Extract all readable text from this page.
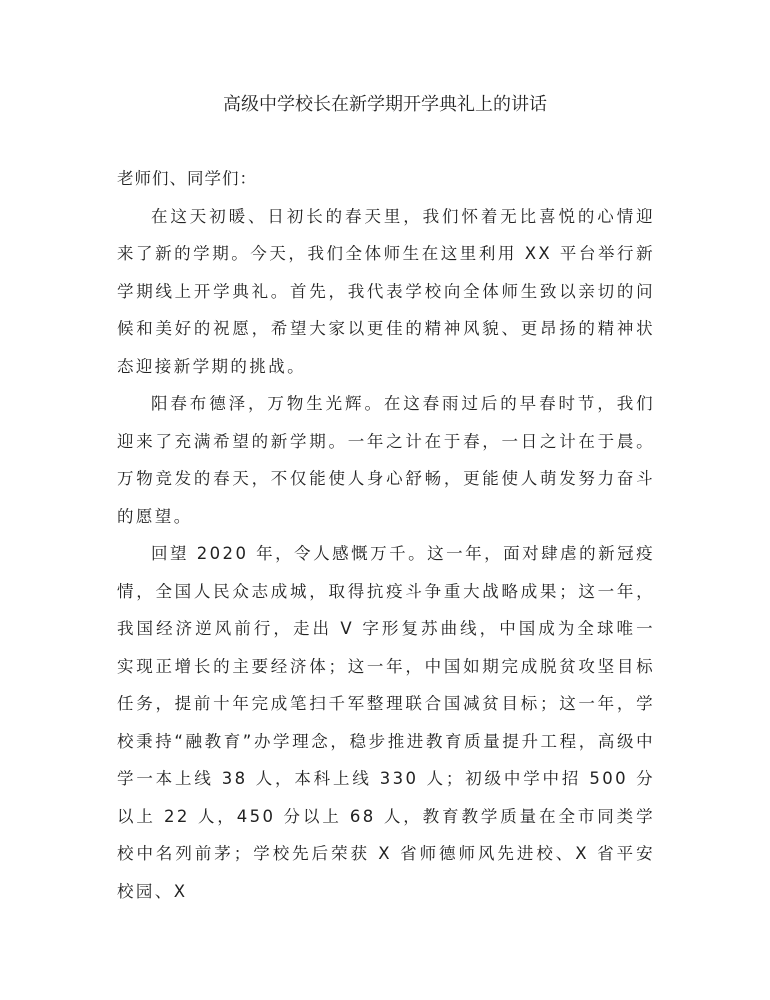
高级中学校长在新学期开学典礼上的讲话

老师们、同学们：

在这天初暖、日初长的春天里，我们怀着无比喜悦的心情迎来了新的学期。今天，我们全体师生在这里利用 XX 平台举行新学期线上开学典礼。首先，我代表学校向全体师生致以亲切的问候和美好的祝愿，希望大家以更佳的精神风貌、更昂扬的精神状态迎接新学期的挑战。

阳春布德泽，万物生光辉。在这春雨过后的早春时节，我们迎来了充满希望的新学期。一年之计在于春，一日之计在于晨。万物竞发的春天，不仅能使人身心舒畅，更能使人萌发努力奋斗的愿望。

回望 2020 年，令人感慨万千。这一年，面对肆虐的新冠疫情，全国人民众志成城，取得抗疫斗争重大战略成果；这一年，我国经济逆风前行，走出 V 字形复苏曲线，中国成为全球唯一实现正增长的主要经济体；这一年，中国如期完成脱贫攻坚目标任务，提前十年完成笔扫千军整理联合国减贫目标；这一年，学校秉持“融教育”办学理念，稳步推进教育质量提升工程，高级中学一本上线 38 人，本科上线 330 人；初级中学中招 500 分以上 22 人，450 分以上 68 人，教育教学质量在全市同类学校中名列前茅；学校先后荣获 X 省师德师风先进校、X 省平安校园、X
